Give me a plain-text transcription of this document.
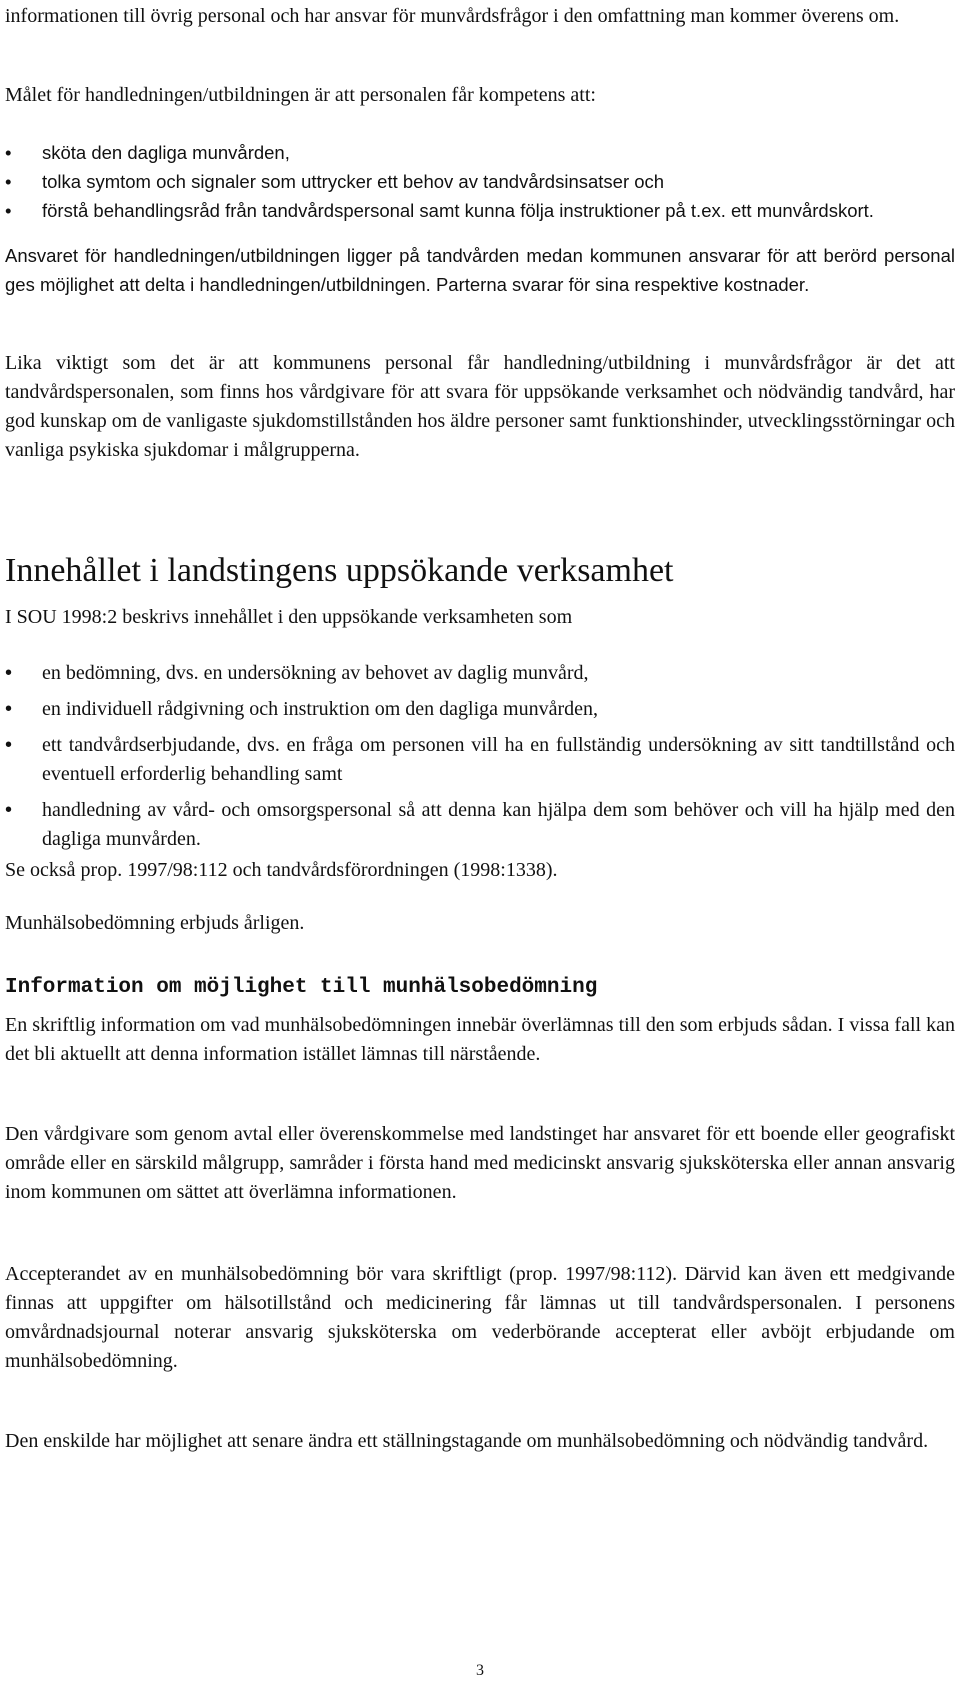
informationen till övrig personal och har ansvar för munvårdsfrågor i den omfattning man kommer överens om.

Målet för handledningen/utbildningen är att personalen får kompetens att:

• sköta den dagliga munvården,
• tolka symtom och signaler som uttrycker ett behov av tandvårdsinsatser och
• förstå behandlingsråd från tandvårdspersonal samt kunna följa instruktioner på t.ex. ett munvårdskort.

Ansvaret för handledningen/utbildningen ligger på tandvården medan kommunen ansvarar för att berörd personal ges möjlighet att delta i handledningen/utbildningen. Parterna svarar för sina respektive kostnader.

Lika viktigt som det är att kommunens personal får handledning/utbildning i munvårdsfrågor är det att tandvårdspersonalen, som finns hos vårdgivare för att svara för uppsökande verksamhet och nödvändig tandvård, har god kunskap om de vanligaste sjukdomstillstånden hos äldre personer samt funktionshinder, utvecklingsstörningar och vanliga psykiska sjukdomar i målgrupperna.

Innehållet i landstingens uppsökande verksamhet

I SOU 1998:2 beskrivs innehållet i den uppsökande verksamheten som

• en bedömning, dvs. en undersökning av behovet av daglig munvård,
• en individuell rådgivning och instruktion om den dagliga munvården,
• ett tandvårdserbjudande, dvs. en fråga om personen vill ha en fullständig undersökning av sitt tandtillstånd och eventuell erforderlig behandling samt
• handledning av vård- och omsorgspersonal så att denna kan hjälpa dem som behöver och vill ha hjälp med den dagliga munvården.

Se också prop. 1997/98:112 och tandvårdsförordningen (1998:1338).

Munhälsobedömning erbjuds årligen.

Information om möjlighet till munhälsobedömning

En skriftlig information om vad munhälsobedömningen innebär överlämnas till den som erbjuds sådan. I vissa fall kan det bli aktuellt att denna information istället lämnas till närstående.

Den vårdgivare som genom avtal eller överenskommelse med landstinget har ansvaret för ett boende eller geografiskt område eller en särskild målgrupp, samråder i första hand med medicinskt ansvarig sjuksköterska eller annan ansvarig inom kommunen om sättet att överlämna informationen.

Accepterandet av en munhälsobedömning bör vara skriftligt (prop. 1997/98:112). Därvid kan även ett medgivande finnas att uppgifter om hälsotillstånd och medicinering får lämnas ut till tandvårdspersonalen. I personens omvårdnadsjournal noterar ansvarig sjuksköterska om vederbörande accepterat eller avböjt erbjudande om munhälsobedömning.

Den enskilde har möjlighet att senare ändra ett ställningstagande om munhälsobedömning och nödvändig tandvård.

3
